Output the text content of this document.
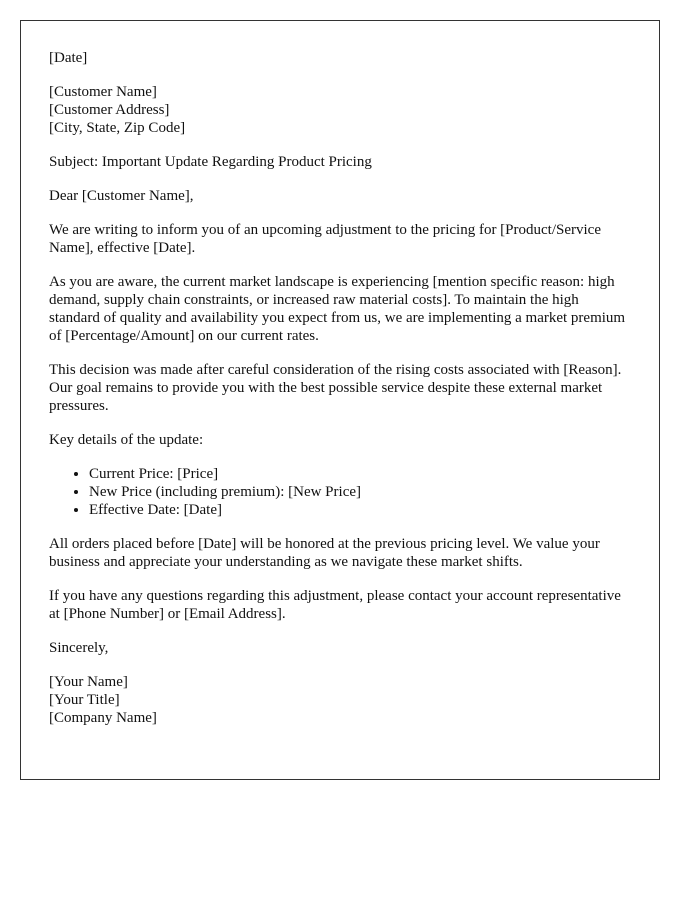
[Date]

[Customer Name]
[Customer Address]
[City, State, Zip Code]

Subject: Important Update Regarding Product Pricing

Dear [Customer Name],

We are writing to inform you of an upcoming adjustment to the pricing for [Product/Service Name], effective [Date].

As you are aware, the current market landscape is experiencing [mention specific reason: high demand, supply chain constraints, or increased raw material costs]. To maintain the high standard of quality and availability you expect from us, we are implementing a market premium of [Percentage/Amount] on our current rates.

This decision was made after careful consideration of the rising costs associated with [Reason]. Our goal remains to provide you with the best possible service despite these external market pressures.

Key details of the update:

• Current Price: [Price]
• New Price (including premium): [New Price]
• Effective Date: [Date]

All orders placed before [Date] will be honored at the previous pricing level. We value your business and appreciate your understanding as we navigate these market shifts.

If you have any questions regarding this adjustment, please contact your account representative at [Phone Number] or [Email Address].

Sincerely,

[Your Name]
[Your Title]
[Company Name]
